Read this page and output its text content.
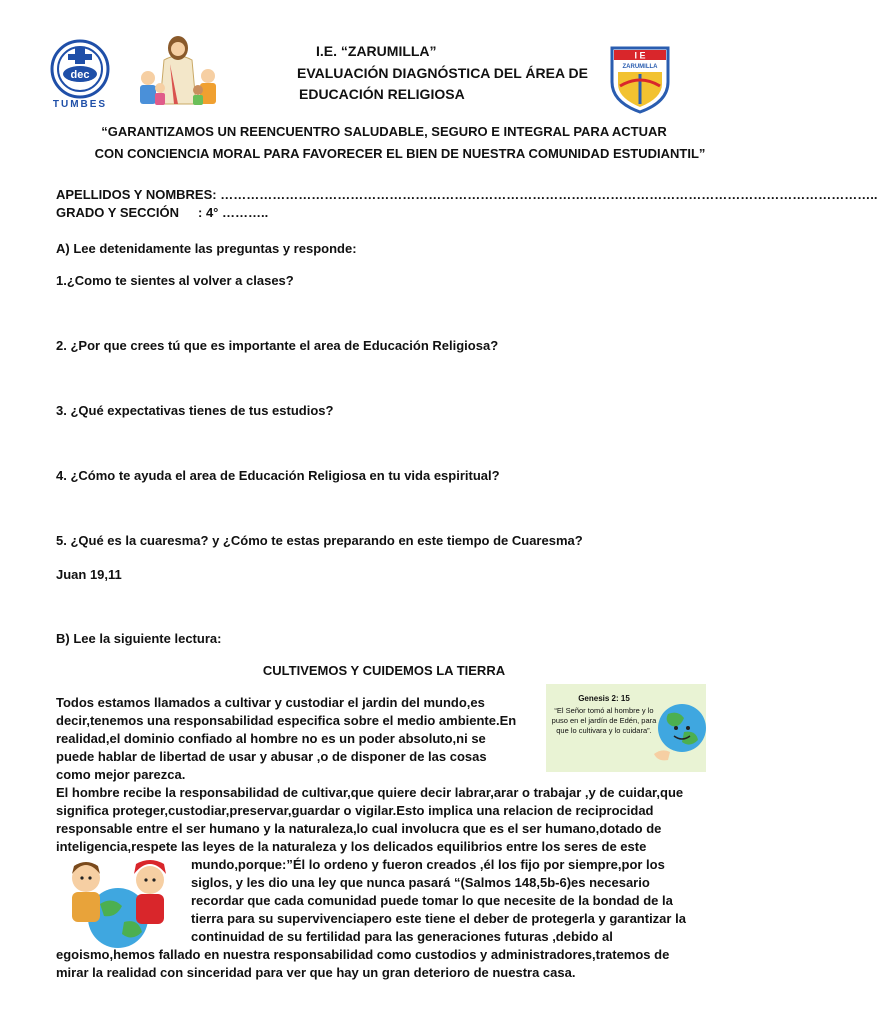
dec
TUMBES
I.E. “ZARUMILLA”
EVALUACIÓN DIAGNÓSTICA DEL ÁREA DE
EDUCACIÓN RELIGIOSA
I E
ZARUMILLA
“GARANTIZAMOS UN REENCUENTRO SALUDABLE, SEGURO E INTEGRAL PARA ACTUAR
CON CONCIENCIA MORAL PARA FAVORECER EL BIEN DE NUESTRA COMUNIDAD ESTUDIANTIL”
APELLIDOS Y NOMBRES: ……………………………………………………………………………………………………………………………………..
GRADO Y SECCIÓN : 4° ………..
A) Lee detenidamente las preguntas y responde:
1.¿Como te sientes al volver a clases?
2. ¿Por que crees tú que es importante el area de Educación Religiosa?
3. ¿Qué expectativas tienes de tus estudios?
4. ¿Cómo te ayuda el area de Educación Religiosa en tu vida espiritual?
5. ¿Qué es la cuaresma? y ¿Cómo te estas preparando en este tiempo de Cuaresma?
Juan 19,11
B) Lee la siguiente lectura:
CULTIVEMOS Y CUIDEMOS LA TIERRA
Todos estamos llamados a cultivar y custodiar el jardin del mundo,es
decir,tenemos una responsabilidad especifica sobre el medio ambiente.En
realidad,el dominio confiado al hombre no es un poder absoluto,ni se
puede hablar de libertad de usar y abusar ,o de disponer de las cosas
como mejor parezca.
Genesis 2: 15
“El Señor tomó al hombre y lo puso en el jardín de Edén, para que lo cultivara y lo cuidara”.
El hombre recibe la responsabilidad de cultivar,que quiere decir labrar,arar o trabajar ,y de cuidar,que
significa proteger,custodiar,preservar,guardar o vigilar.Esto implica una relacion de reciprocidad
responsable entre el ser humano y la naturaleza,lo cual involucra que es el ser humano,dotado de
inteligencia,respete las leyes de la naturaleza y los delicados equilibrios entre los seres de este
mundo,porque:”Él lo ordeno y fueron creados ,él los fijo por siempre,por los
siglos, y les dio una ley que nunca pasará “(Salmos 148,5b-6)es necesario
recordar que cada comunidad puede tomar lo que necesite de la bondad de la
tierra para su supervivenciapero este tiene el deber de protegerla y garantizar la
continuidad de su fertilidad para las generaciones futuras ,debido al
egoismo,hemos fallado en nuestra responsabilidad como custodios y administradores,tratemos de
mirar la realidad con sinceridad para ver que hay un gran deterioro de nuestra casa.
